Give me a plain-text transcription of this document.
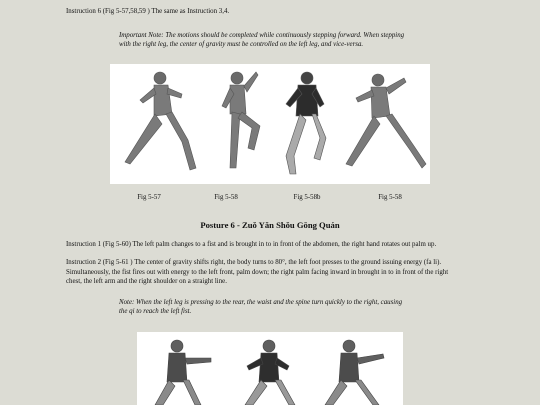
Instruction 6 (Fig 5-57,58,59 ) The same as Instruction 3,4.
Important Note: The motions should be completed while continuously stepping forward. When stepping
with the right leg, the center of gravity must be controlled on the left leg, and vice-versa.
Fig 5-57	Fig 5-58	Fig 5-58b	Fig 5-58
Posture 6 - Zuǒ Yǎn Shǒu Gōng Quán
Instruction 1 (Fig 5-60) The left palm changes to a fist and is brought in to in front of the abdomen, the right hand rotates out palm up.
Instruction 2 (Fig 5-61 ) The center of gravity shifts right, the body turns to 80°, the left foot presses to the ground issuing energy (fa li).
Simultaneously, the fist fires out with energy to the left front, palm down; the right palm facing inward in brought in to in front of the right
chest, the left arm and the right shoulder on a straight line.
Note: When the left leg is pressing to the rear, the waist and the spine turn quickly to the right, causing
the qi to reach the left fist.
